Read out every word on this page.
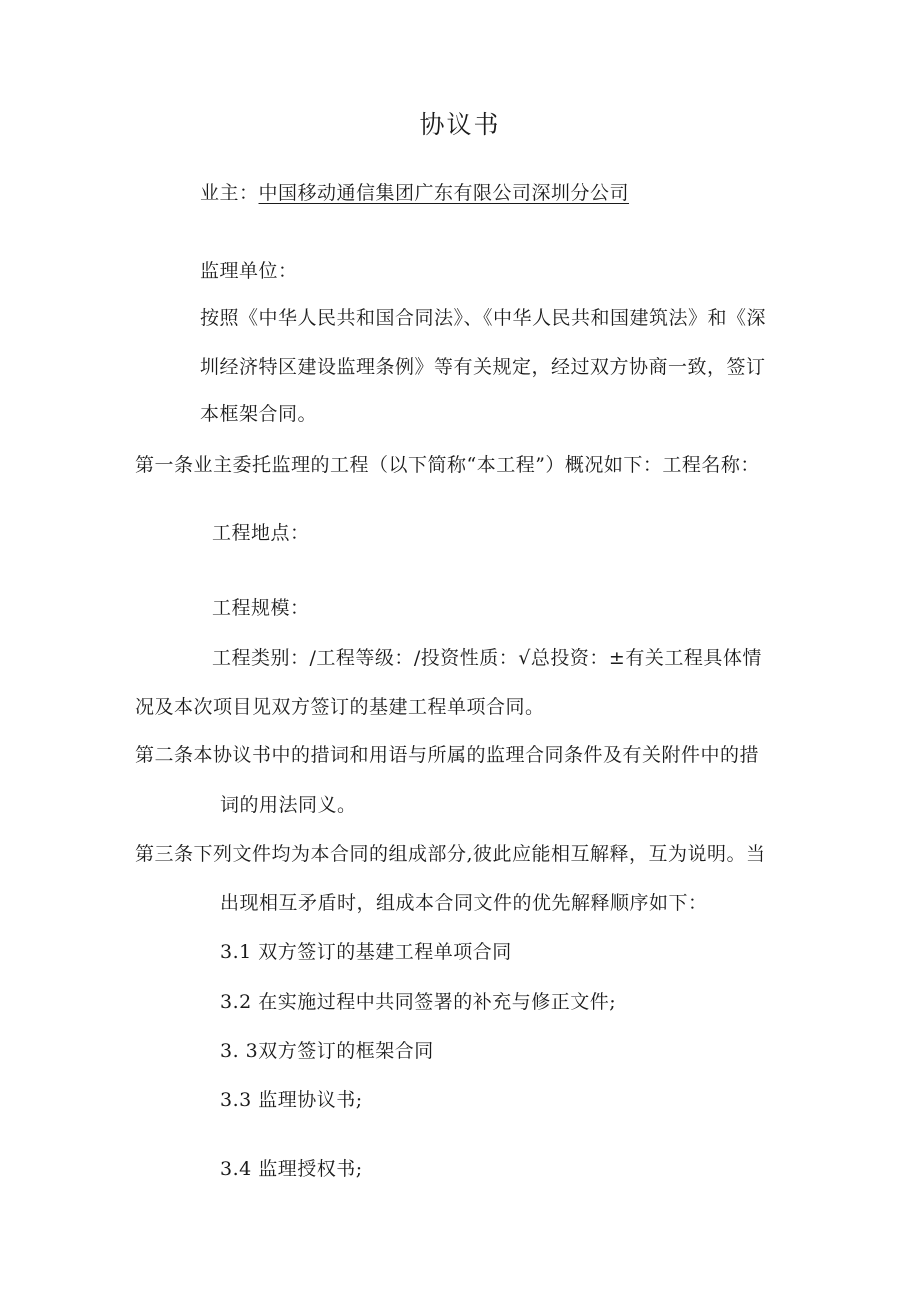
协议书
业主：中国移动通信集团广东有限公司深圳分公司
监理单位：
按照《中华人民共和国合同法》、《中华人民共和国建筑法》和《深
圳经济特区建设监理条例》等有关规定，经过双方协商一致，签订
本框架合同。
第一条业主委托监理的工程（以下简称“本工程”）概况如下：工程名称：
工程地点：
工程规模：
工程类别：/工程等级：/投资性质：√总投资：±有关工程具体情
况及本次项目见双方签订的基建工程单项合同。
第二条本协议书中的措词和用语与所属的监理合同条件及有关附件中的措
词的用法同义。
第三条下列文件均为本合同的组成部分,彼此应能相互解释，互为说明。当
出现相互矛盾时，组成本合同文件的优先解释顺序如下：
3.1 双方签订的基建工程单项合同
3.2 在实施过程中共同签署的补充与修正文件;
3. 3双方签订的框架合同
3.3 监理协议书;
3.4 监理授权书;
